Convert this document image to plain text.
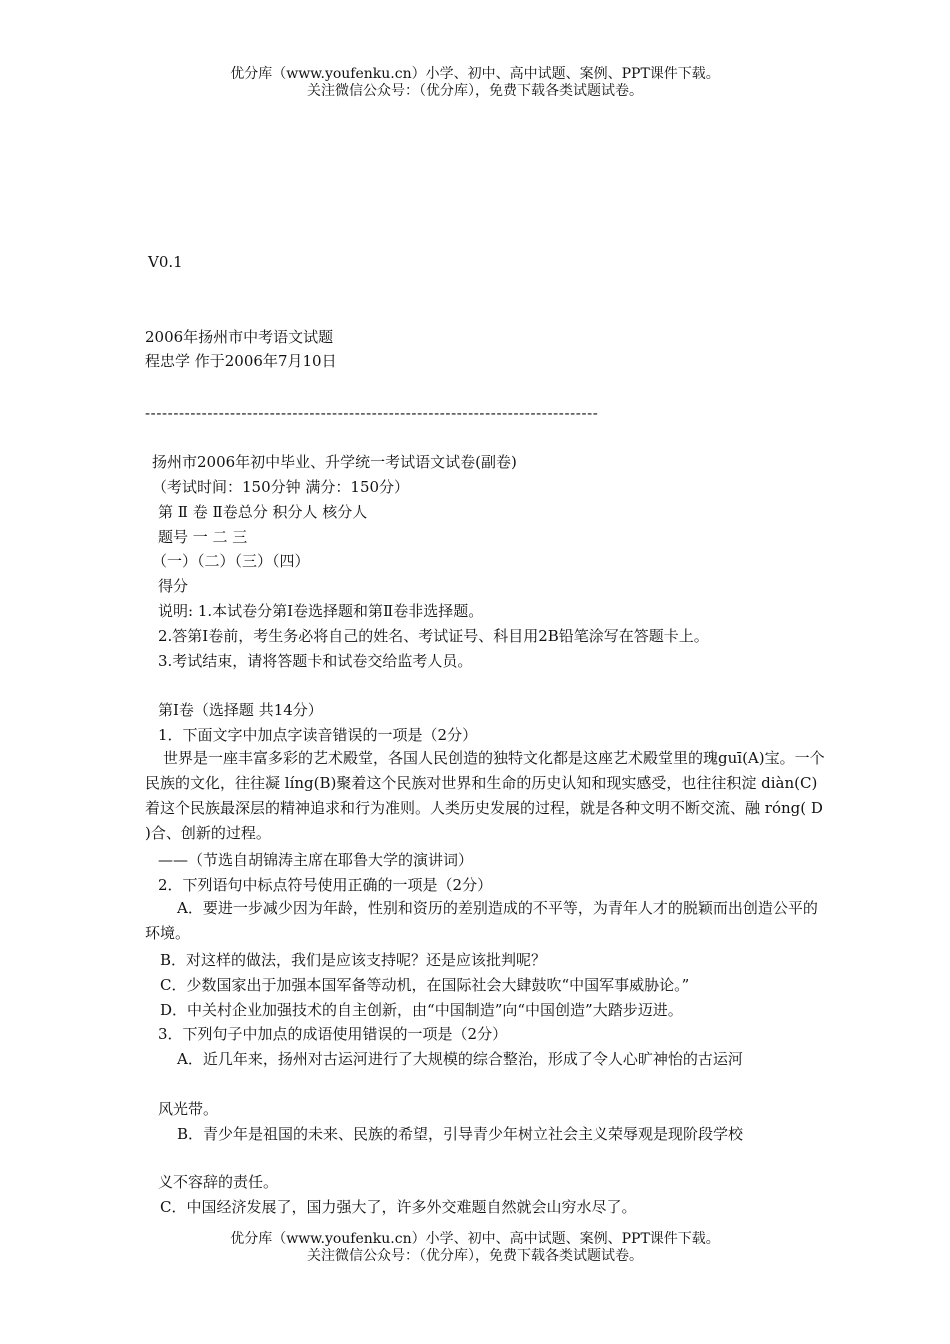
优分库（www.youfenku.cn）小学、初中、高中试题、案例、PPT课件下载。
关注微信公众号：（优分库），免费下载各类试题试卷。
V0.1
2006年扬州市中考语文试题
程忠学 作于2006年7月10日
--------------------------------------------------------------------------------
扬州市2006年初中毕业、升学统一考试语文试卷(副卷)
（考试时间：150分钟 满分：150分）
第 Ⅱ 卷 Ⅱ卷总分 积分人 核分人
题号 一 二 三
（一）（二）（三）（四）
得分
说明: 1.本试卷分第Ⅰ卷选择题和第Ⅱ卷非选择题。
2.答第Ⅰ卷前，考生务必将自己的姓名、考试证号、科目用2B铅笔涂写在答题卡上。
3.考试结束，请将答题卡和试卷交给监考人员。
第Ⅰ卷（选择题 共14分）
1．下面文字中加点字读音错误的一项是（2分）
世界是一座丰富多彩的艺术殿堂，各国人民创造的独特文化都是这座艺术殿堂里的瑰guī(A)宝。一个民族的文化，往往凝 líng(B)聚着这个民族对世界和生命的历史认知和现实感受，也往往积淀 diàn(C)着这个民族最深层的精神追求和行为准则。人类历史发展的过程，就是各种文明不断交流、融 róng( D )合、创新的过程。
——（节选自胡锦涛主席在耶鲁大学的演讲词）
2．下列语句中标点符号使用正确的一项是（2分）
A．要进一步减少因为年龄，性别和资历的差别造成的不平等，为青年人才的脱颖而出创造公平的环境。
B．对这样的做法，我们是应该支持呢？还是应该批判呢？
C．少数国家出于加强本国军备等动机，在国际社会大肆鼓吹“中国军事威胁论。”
D．中关村企业加强技术的自主创新，由“中国制造”向“中国创造”大踏步迈进。
3．下列句子中加点的成语使用错误的一项是（2分）
A．近几年来，扬州对古运河进行了大规模的综合整治，形成了令人心旷神怡的古运河
风光带。
B．青少年是祖国的未来、民族的希望，引导青少年树立社会主义荣辱观是现阶段学校
义不容辞的责任。
C．中国经济发展了，国力强大了，许多外交难题自然就会山穷水尽了。
优分库（www.youfenku.cn）小学、初中、高中试题、案例、PPT课件下载。
关注微信公众号：（优分库），免费下载各类试题试卷。
